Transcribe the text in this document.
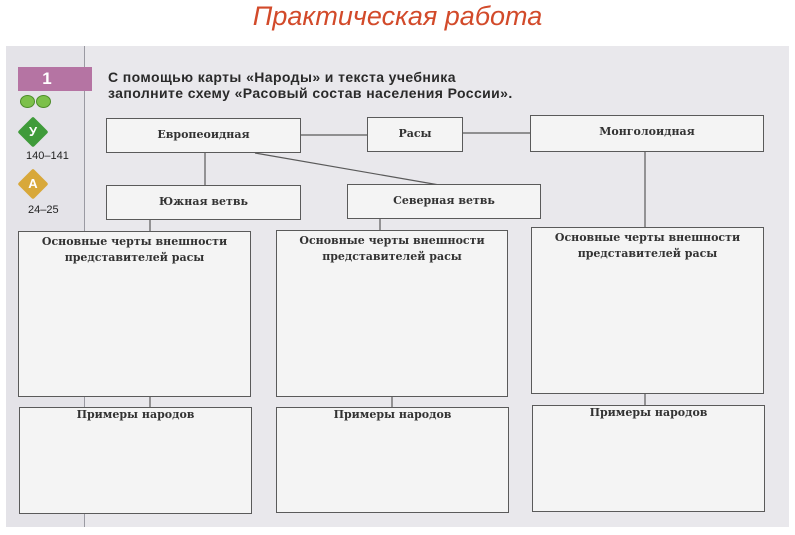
Практическая работа
1
У
140–141
А
24–25
С помощью карты «Народы» и текста учебника
заполните схему «Расовый состав населения России».
Европеоидная	Расы	Монголоидная
Южная ветвь	Северная ветвь
Основные черты внешности
представителей расы
Основные черты внешности
представителей расы
Основные черты внешности
представителей расы
Примеры народов	Примеры народов	Примеры народов
